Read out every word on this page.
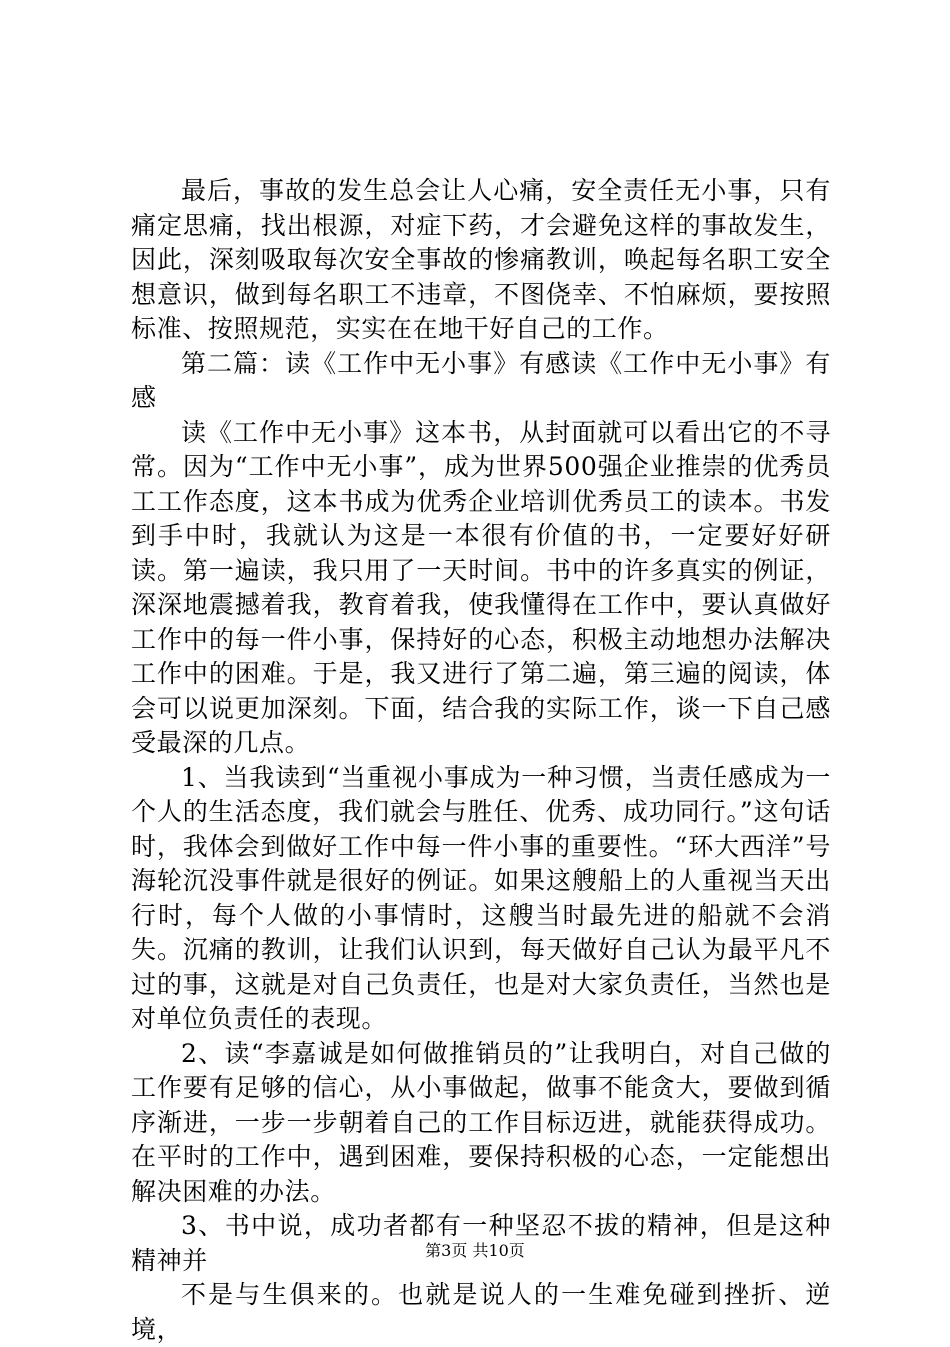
最后，事故的发生总会让人心痛，安全责任无小事，只有痛定思痛，找出根源，对症下药，才会避免这样的事故发生，因此，深刻吸取每次安全事故的惨痛教训，唤起每名职工安全想意识，做到每名职工不违章，不图侥幸、不怕麻烦，要按照标准、按照规范，实实在在地干好自己的工作。

第二篇：读《工作中无小事》有感读《工作中无小事》有感

读《工作中无小事》这本书，从封面就可以看出它的不寻常。因为“工作中无小事”，成为世界500强企业推崇的优秀员工工作态度，这本书成为优秀企业培训优秀员工的读本。书发到手中时，我就认为这是一本很有价值的书，一定要好好研读。第一遍读，我只用了一天时间。书中的许多真实的例证，深深地震撼着我，教育着我，使我懂得在工作中，要认真做好工作中的每一件小事，保持好的心态，积极主动地想办法解决工作中的困难。于是，我又进行了第二遍，第三遍的阅读，体会可以说更加深刻。下面，结合我的实际工作，谈一下自己感受最深的几点。

1、当我读到“当重视小事成为一种习惯，当责任感成为一个人的生活态度，我们就会与胜任、优秀、成功同行。”这句话时，我体会到做好工作中每一件小事的重要性。“环大西洋”号海轮沉没事件就是很好的例证。如果这艘船上的人重视当天出行时，每个人做的小事情时，这艘当时最先进的船就不会消失。沉痛的教训，让我们认识到，每天做好自己认为最平凡不过的事，这就是对自己负责任，也是对大家负责任，当然也是对单位负责任的表现。

2、读“李嘉诚是如何做推销员的”让我明白，对自己做的工作要有足够的信心，从小事做起，做事不能贪大，要做到循序渐进，一步一步朝着自己的工作目标迈进，就能获得成功。在平时的工作中，遇到困难，要保持积极的心态，一定能想出解决困难的办法。

3、书中说，成功者都有一种坚忍不拔的精神，但是这种精神并

不是与生俱来的。也就是说人的一生难免碰到挫折、逆境，

第3页 共10页
